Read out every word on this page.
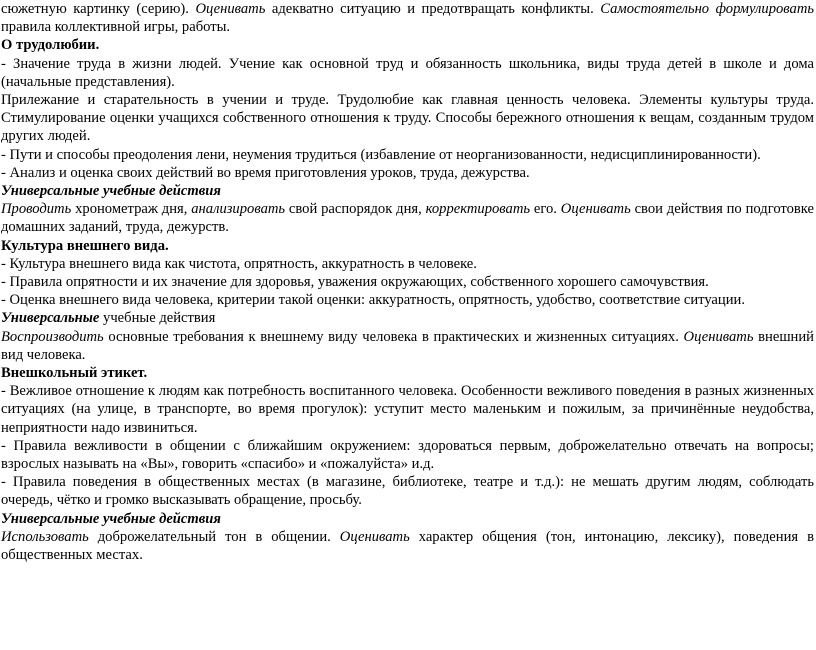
сюжетную картинку (серию). Оценивать адекватно ситуацию и предотвращать конфликты. Самостоятельно формулировать правила коллективной игры, работы.

О трудолюбии.

- Значение труда в жизни людей. Учение как основной труд и обязанность школьника, виды труда детей в школе и дома (начальные представления).

Прилежание и старательность в учении и труде. Трудолюбие как главная ценность человека. Элементы культуры труда. Стимулирование оценки учащихся собственного отношения к труду. Способы бережного отношения к вещам, созданным трудом других людей.

- Пути и способы преодоления лени, неумения трудиться (избавление от неорганизованности, недисциплинированности).

- Анализ и оценка своих действий во время приготовления уроков, труда, дежурства.

Универсальные учебные действия

Проводить хронометраж дня, анализировать свой распорядок дня, корректировать его. Оценивать свои действия по подготовке домашних заданий, труда, дежурств.

Культура внешнего вида.

- Культура внешнего вида как чистота, опрятность, аккуратность в человеке.

- Правила опрятности и их значение для здоровья, уважения окружающих, собственного хорошего самочувствия.

- Оценка внешнего вида человека, критерии такой оценки: аккуратность, опрятность, удобство, соответствие ситуации.

Универсальные учебные действия

Воспроизводить основные требования к внешнему виду человека в практических и жизненных ситуациях. Оценивать внешний вид человека.

Внешкольный этикет.

- Вежливое отношение к людям как потребность воспитанного человека. Особенности вежливого поведения в разных жизненных ситуациях (на улице, в транспорте, во время прогулок): уступит место маленьким и пожилым, за причинённые неудобства, неприятности надо извиниться.

- Правила вежливости в общении с ближайшим окружением: здороваться первым, доброжелательно отвечать на вопросы; взрослых называть на «Вы», говорить «спасибо» и «пожалуйста» и.д.

- Правила поведения в общественных местах (в магазине, библиотеке, театре и т.д.): не мешать другим людям, соблюдать очередь, чётко и громко высказывать обращение, просьбу.

Универсальные учебные действия

Использовать доброжелательный тон в общении. Оценивать характер общения (тон, интонацию, лексику), поведения в общественных местах.
